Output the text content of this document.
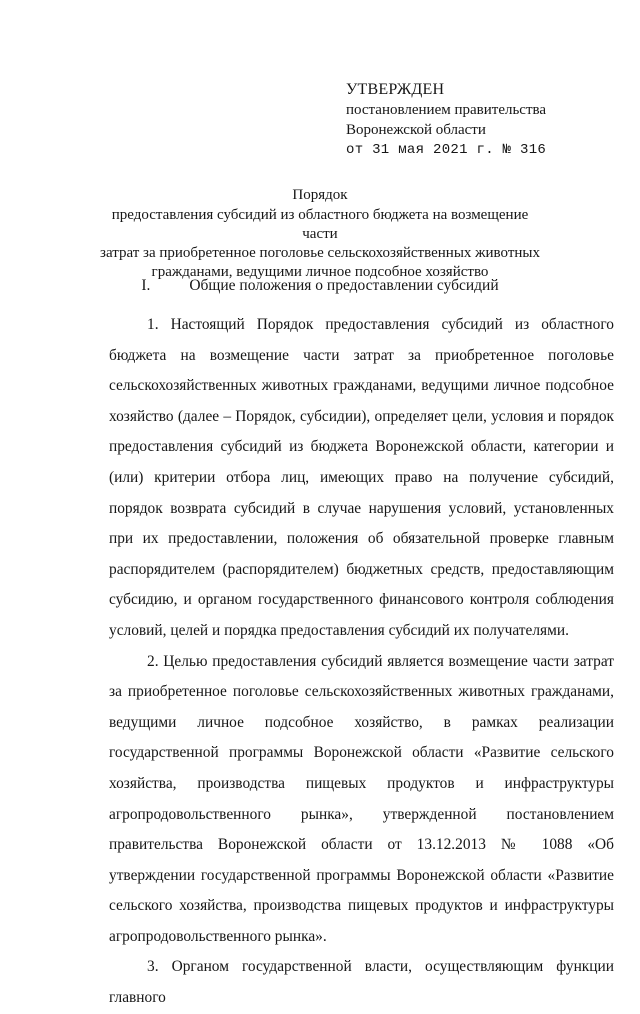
УТВЕРЖДЕН
постановлением правительства
Воронежской области
от 31 мая 2021 г. № 316
Порядок
предоставления субсидий из областного бюджета на возмещение части
затрат за приобретенное поголовье сельскохозяйственных животных
гражданами, ведущими личное подсобное хозяйство
I.	Общие положения о предоставлении субсидий

1. Настоящий Порядок предоставления субсидий из областного бюджета на возмещение части затрат за приобретенное поголовье сельскохозяйственных животных гражданами, ведущими личное подсобное хозяйство (далее – Порядок, субсидии), определяет цели, условия и порядок предоставления субсидий из бюджета Воронежской области, категории и (или) критерии отбора лиц, имеющих право на получение субсидий, порядок возврата субсидий в случае нарушения условий, установленных при их предоставлении, положения об обязательной проверке главным распорядителем (распорядителем) бюджетных средств, предоставляющим субсидию, и органом государственного финансового контроля соблюдения условий, целей и порядка предоставления субсидий их получателями.

2. Целью предоставления субсидий является возмещение части затрат за приобретенное поголовье сельскохозяйственных животных гражданами, ведущими личное подсобное хозяйство, в рамках реализации государственной программы Воронежской области «Развитие сельского хозяйства, производства пищевых продуктов и инфраструктуры агропродовольственного рынка», утвержденной постановлением правительства Воронежской области от 13.12.2013 № 1088 «Об утверждении государственной программы Воронежской области «Развитие сельского хозяйства, производства пищевых продуктов и инфраструктуры агропродовольственного рынка».

3. Органом государственной власти, осуществляющим функции главного
